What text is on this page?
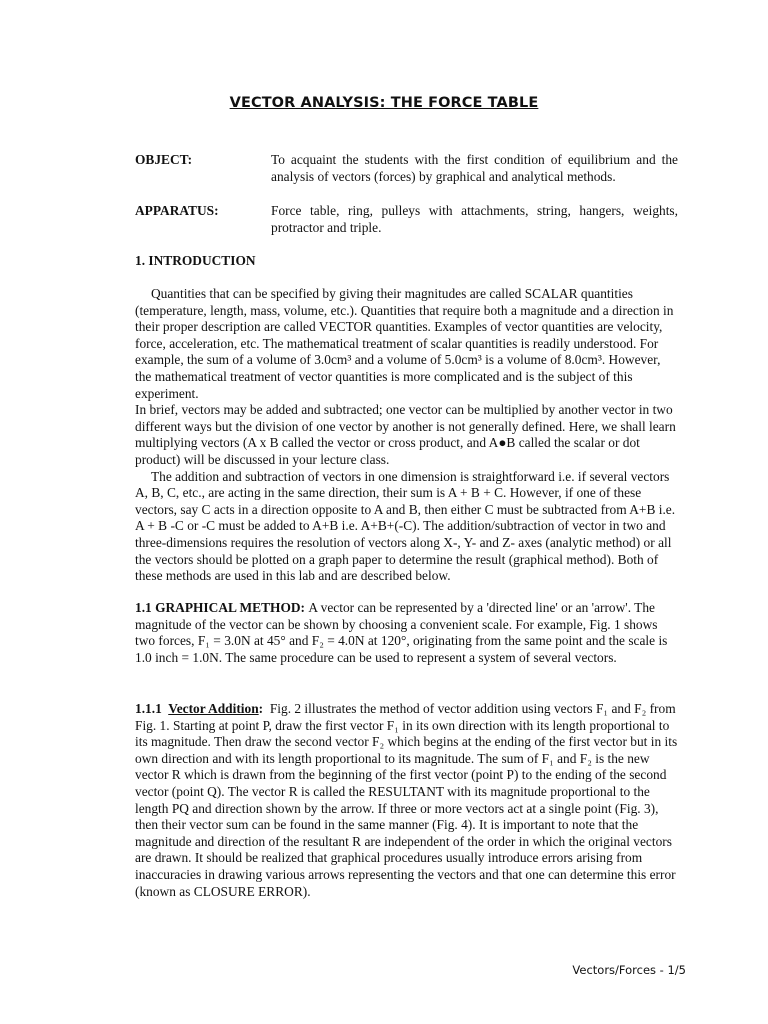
VECTOR ANALYSIS: THE FORCE TABLE
OBJECT:	To acquaint the students with the first condition of equilibrium and the analysis of vectors (forces) by graphical and analytical methods.
APPARATUS:	Force table, ring, pulleys with attachments, string, hangers, weights, protractor and triple.
1. INTRODUCTION

Quantities that can be specified by giving their magnitudes are called SCALAR quantities (temperature, length, mass, volume, etc.). Quantities that require both a magnitude and a direction in their proper description are called VECTOR quantities. Examples of vector quantities are velocity, force, acceleration, etc. The mathematical treatment of scalar quantities is readily understood. For example, the sum of a volume of 3.0cm³ and a volume of 5.0cm³ is a volume of 8.0cm³. However, the mathematical treatment of vector quantities is more complicated and is the subject of this experiment.

In brief, vectors may be added and subtracted; one vector can be multiplied by another vector in two different ways but the division of one vector by another is not generally defined. Here, we shall learn multiplying vectors (A x B called the vector or cross product, and A●B called the scalar or dot product) will be discussed in your lecture class.

The addition and subtraction of vectors in one dimension is straightforward i.e. if several vectors A, B, C, etc., are acting in the same direction, their sum is A + B + C. However, if one of these vectors, say C acts in a direction opposite to A and B, then either C must be subtracted from A+B i.e. A + B -C or -C must be added to A+B i.e. A+B+(-C). The addition/subtraction of vector in two and three-dimensions requires the resolution of vectors along X-, Y- and Z- axes (analytic method) or all the vectors should be plotted on a graph paper to determine the result (graphical method). Both of these methods are used in this lab and are described below.

1.1 GRAPHICAL METHOD: A vector can be represented by a 'directed line' or an 'arrow'. The magnitude of the vector can be shown by choosing a convenient scale. For example, Fig. 1 shows two forces, F₁ = 3.0N at 45° and F₂ = 4.0N at 120°, originating from the same point and the scale is 1.0 inch = 1.0N. The same procedure can be used to represent a system of several vectors.

1.1.1 Vector Addition: Fig. 2 illustrates the method of vector addition using vectors F₁ and F₂ from Fig. 1. Starting at point P, draw the first vector F₁ in its own direction with its length proportional to its magnitude. Then draw the second vector F₂ which begins at the ending of the first vector but in its own direction and with its length proportional to its magnitude. The sum of F₁ and F₂ is the new vector R which is drawn from the beginning of the first vector (point P) to the ending of the second vector (point Q). The vector R is called the RESULTANT with its magnitude proportional to the length PQ and direction shown by the arrow. If three or more vectors act at a single point (Fig. 3), then their vector sum can be found in the same manner (Fig. 4). It is important to note that the magnitude and direction of the resultant R are independent of the order in which the original vectors are drawn. It should be realized that graphical procedures usually introduce errors arising from inaccuracies in drawing various arrows representing the vectors and that one can determine this error (known as CLOSURE ERROR).

Vectors/Forces - 1/5
